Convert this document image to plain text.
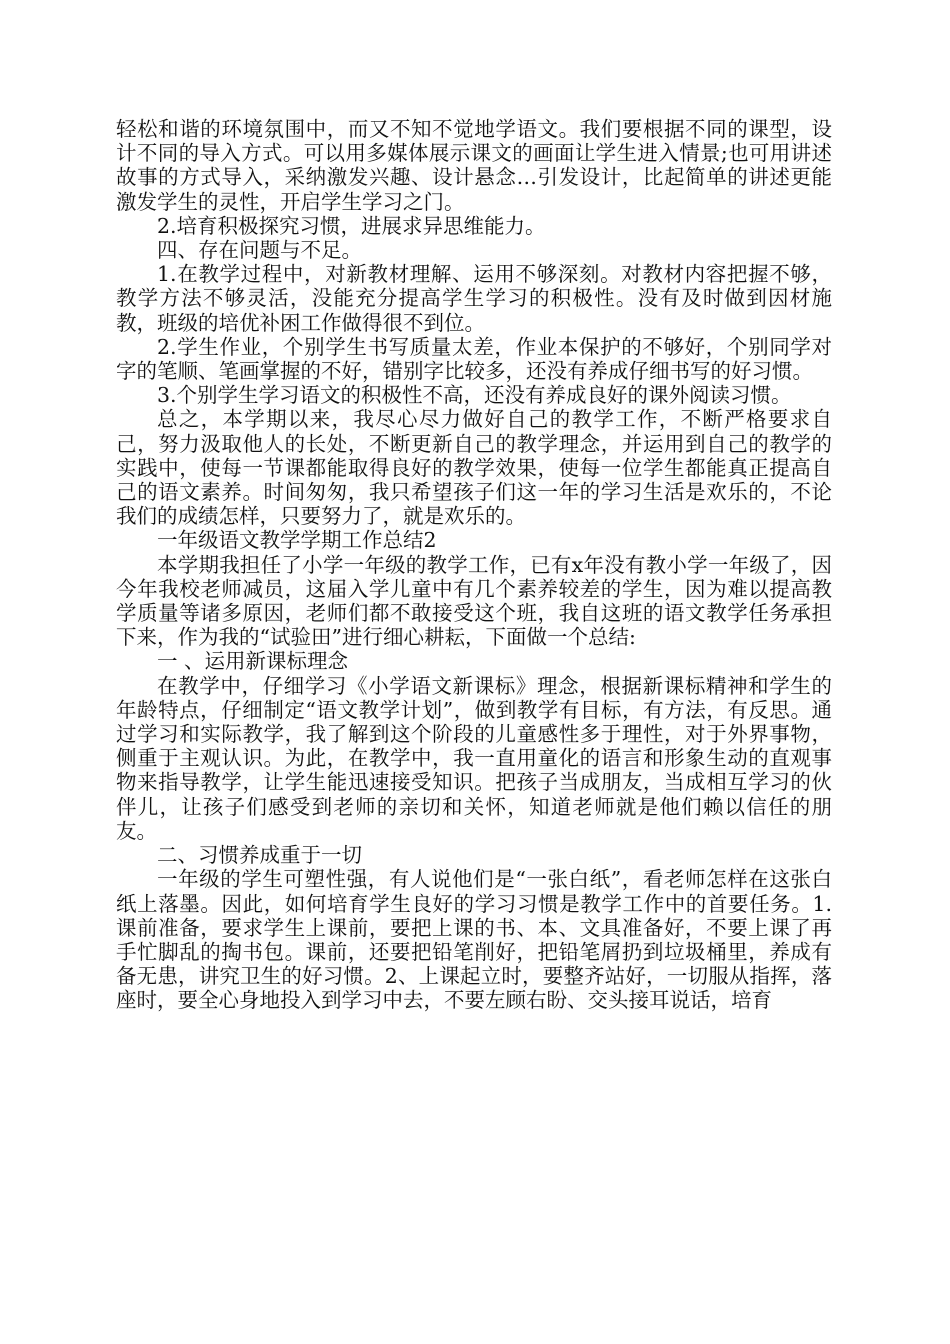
轻松和谐的环境氛围中，而又不知不觉地学语文。我们要根据不同的课型，设计不同的导入方式。可以用多媒体展示课文的画面让学生进入情景;也可用讲述故事的方式导入，采纳激发兴趣、设计悬念…引发设计，比起简单的讲述更能激发学生的灵性，开启学生学习之门。

2.培育积极探究习惯，进展求异思维能力。

四、存在问题与不足。

1.在教学过程中，对新教材理解、运用不够深刻。对教材内容把握不够，教学方法不够灵活，没能充分提高学生学习的积极性。没有及时做到因材施教，班级的培优补困工作做得很不到位。

2.学生作业，个别学生书写质量太差，作业本保护的不够好，个别同学对字的笔顺、笔画掌握的不好，错别字比较多，还没有养成仔细书写的好习惯。

3.个别学生学习语文的积极性不高，还没有养成良好的课外阅读习惯。

总之，本学期以来，我尽心尽力做好自己的教学工作，不断严格要求自己，努力汲取他人的长处，不断更新自己的教学理念，并运用到自己的教学的实践中，使每一节课都能取得良好的教学效果，使每一位学生都能真正提高自己的语文素养。时间匆匆，我只希望孩子们这一年的学习生活是欢乐的，不论我们的成绩怎样，只要努力了，就是欢乐的。

一年级语文教学学期工作总结2

本学期我担任了小学一年级的教学工作，已有x年没有教小学一年级了，因今年我校老师减员，这届入学儿童中有几个素养较差的学生，因为难以提高教学质量等诸多原因，老师们都不敢接受这个班，我自这班的语文教学任务承担下来，作为我的“试验田”进行细心耕耘，下面做一个总结:

一 、运用新课标理念

在教学中，仔细学习《小学语文新课标》理念，根据新课标精神和学生的年龄特点，仔细制定“语文教学计划”，做到教学有目标，有方法，有反思。通过学习和实际教学，我了解到这个阶段的儿童感性多于理性，对于外界事物，侧重于主观认识。为此，在教学中，我一直用童化的语言和形象生动的直观事物来指导教学，让学生能迅速接受知识。把孩子当成朋友，当成相互学习的伙伴儿，让孩子们感受到老师的亲切和关怀，知道老师就是他们赖以信任的朋友。

二、习惯养成重于一切

一年级的学生可塑性强，有人说他们是“一张白纸”，看老师怎样在这张白纸上落墨。因此，如何培育学生良好的学习习惯是教学工作中的首要任务。1.课前准备，要求学生上课前，要把上课的书、本、文具准备好，不要上课了再手忙脚乱的掏书包。课前，还要把铅笔削好，把铅笔屑扔到垃圾桶里，养成有备无患，讲究卫生的好习惯。2、上课起立时，要整齐站好，一切服从指挥，落座时，要全心身地投入到学习中去，不要左顾右盼、交头接耳说话，培育
